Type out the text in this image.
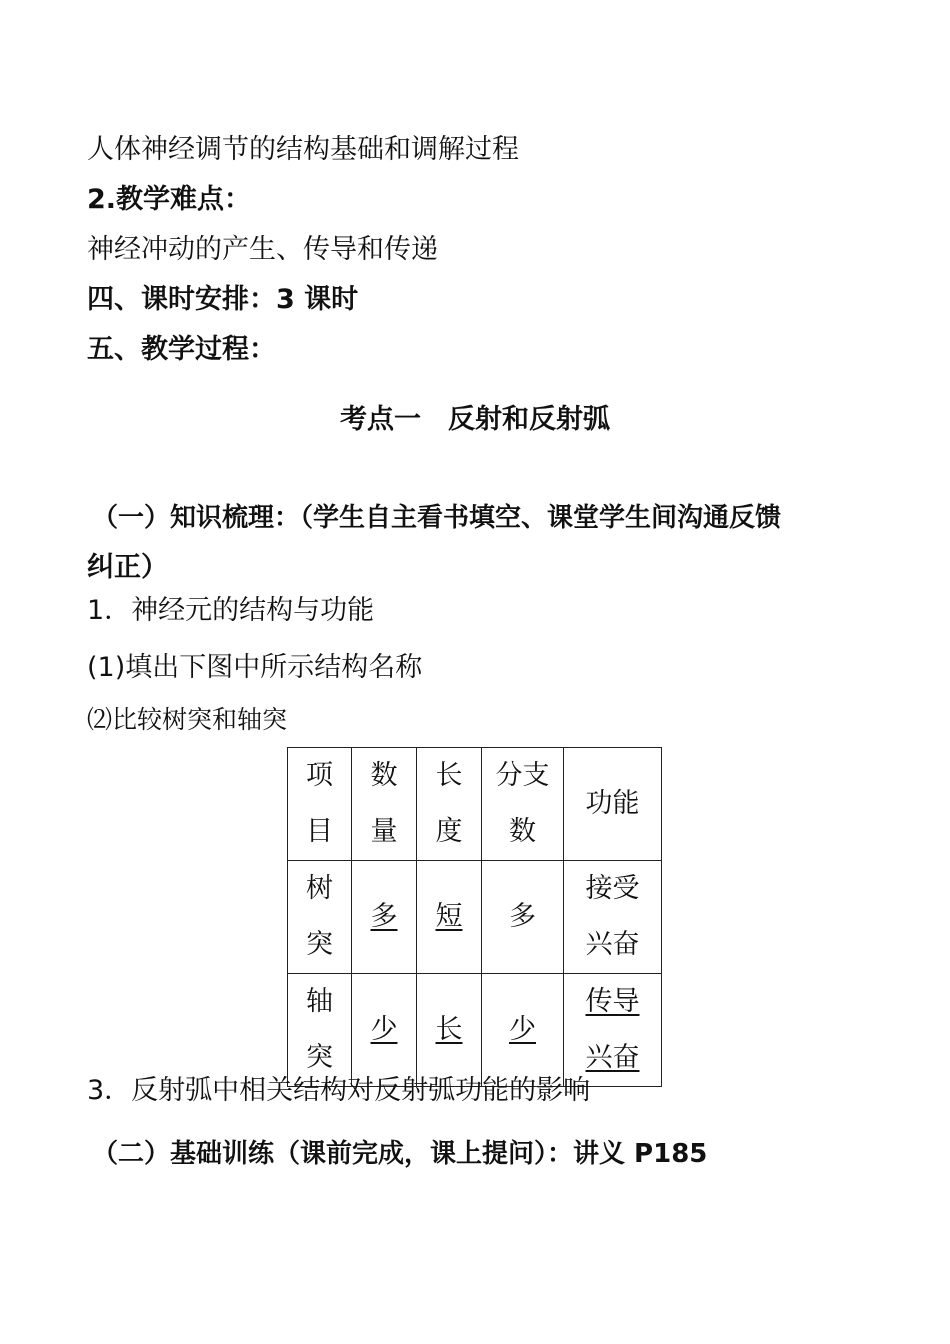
人体神经调节的结构基础和调解过程

2.教学难点：

神经冲动的产生、传导和传递

四、课时安排：3 课时

五、教学过程：

考点一　反射和反射弧

（一）知识梳理：（学生自主看书填空、课堂学生间沟通反馈

纠正）

1．神经元的结构与功能

(1)填出下图中所示结构名称

⑵比较树突和轴突

项目	数量	长度	分支数	功能

树突	多	短	多	接受兴奋

轴突	少	长	少	传导兴奋

3．反射弧中相关结构对反射弧功能的影响

（二）基础训练（课前完成，课上提问）：讲义 P185
